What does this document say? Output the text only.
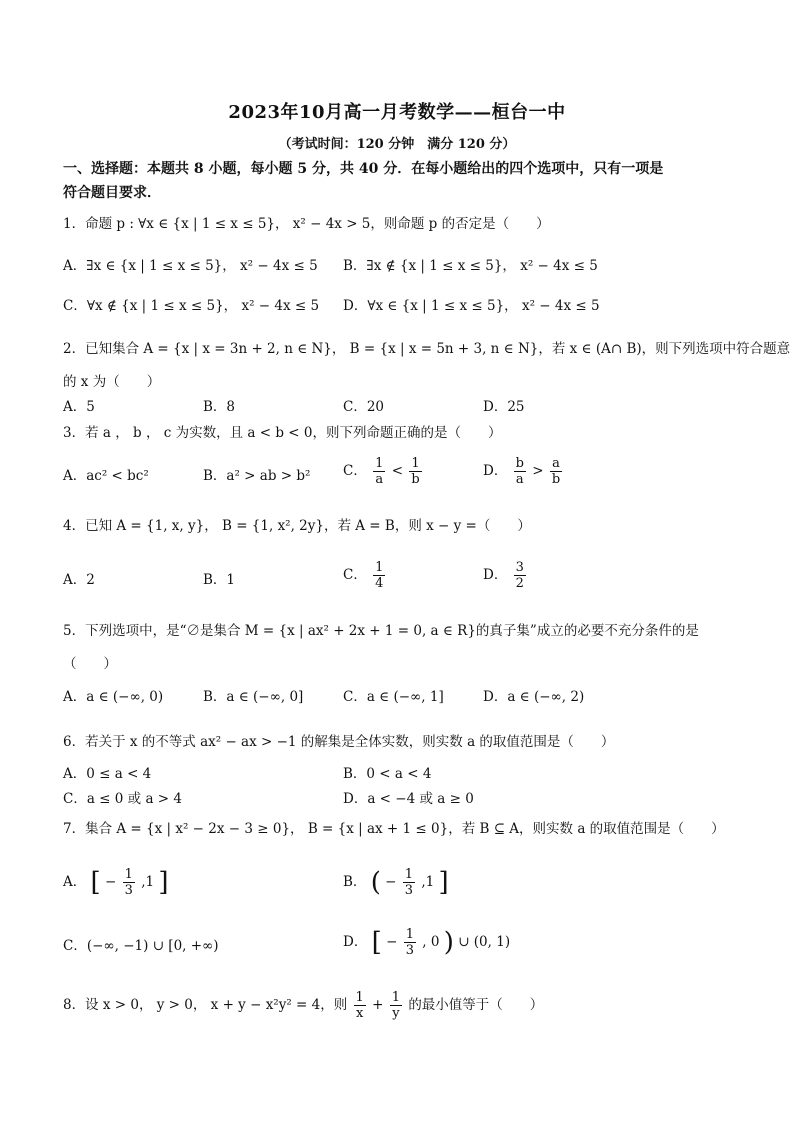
2023年10月高一月考数学——桓台一中
（考试时间：120 分钟　满分 120 分）
一、选择题：本题共 8 小题，每小题 5 分，共 40 分．在每小题给出的四个选项中，只有一项是
符合题目要求．
1．命题 p : ∀x ∈ {x | 1 ≤ x ≤ 5}， x² − 4x > 5，则命题 p 的否定是（　　）
A．∃x ∈ {x | 1 ≤ x ≤ 5}， x² − 4x ≤ 5 B．∃x ∉ {x | 1 ≤ x ≤ 5}， x² − 4x ≤ 5
C．∀x ∉ {x | 1 ≤ x ≤ 5}， x² − 4x ≤ 5 D．∀x ∈ {x | 1 ≤ x ≤ 5}， x² − 4x ≤ 5
2．已知集合 A = {x | x = 3n + 2, n ∈ N}， B = {x | x = 5n + 3, n ∈ N}，若 x ∈ (A∩ B)，则下列选项中符合题意
的 x 为（　　）
A．5	B．8	C．20	D．25
3．若 a ， b ， c 为实数，且 a < b < 0，则下列命题正确的是（　　）
A．ac² < bc²	B．a² > ab > b² C． $\frac{1}{a} < \frac{1}{b}$	D． $\frac{b}{a} > \frac{a}{b}$
4．已知 A = {1, x, y}， B = {1, x², 2y}，若 A = B，则 x − y =（　　）
A．2	B．1	C． $\frac{1}{4}$	D． $\frac{3}{2}$
5．下列选项中，是“∅是集合 M = {x | ax² + 2x + 1 = 0, a ∈ R}的真子集”成立的必要不充分条件的是
（　　）
A．a ∈ (−∞, 0)	B．a ∈ (−∞, 0]	C．a ∈ (−∞, 1]	D．a ∈ (−∞, 2)
6．若关于 x 的不等式 ax² − ax > −1 的解集是全体实数，则实数 a 的取值范围是（　　）
A．0 ≤ a < 4	B．0 < a < 4
C．a ≤ 0 或 a > 4	D．a < −4 或 a ≥ 0
7．集合 A = {x | x² − 2x − 3 ≥ 0}， B = {x | ax + 1 ≤ 0}，若 B ⊆ A，则实数 a 的取值范围是（　　）
A． [ − $\frac{1}{3} ,1$ ]	B． ( − $\frac{1}{3} ,1$ ]
C．(−∞, −1) ∪ [0, +∞)	D． [ − $\frac{1}{3}$ , 0 ) ∪ (0, 1)
8．设 x > 0， y > 0， x + y − x²y² = 4，则 $\frac{1}{x} + \frac{1}{y}$ 的最小值等于（　　）
